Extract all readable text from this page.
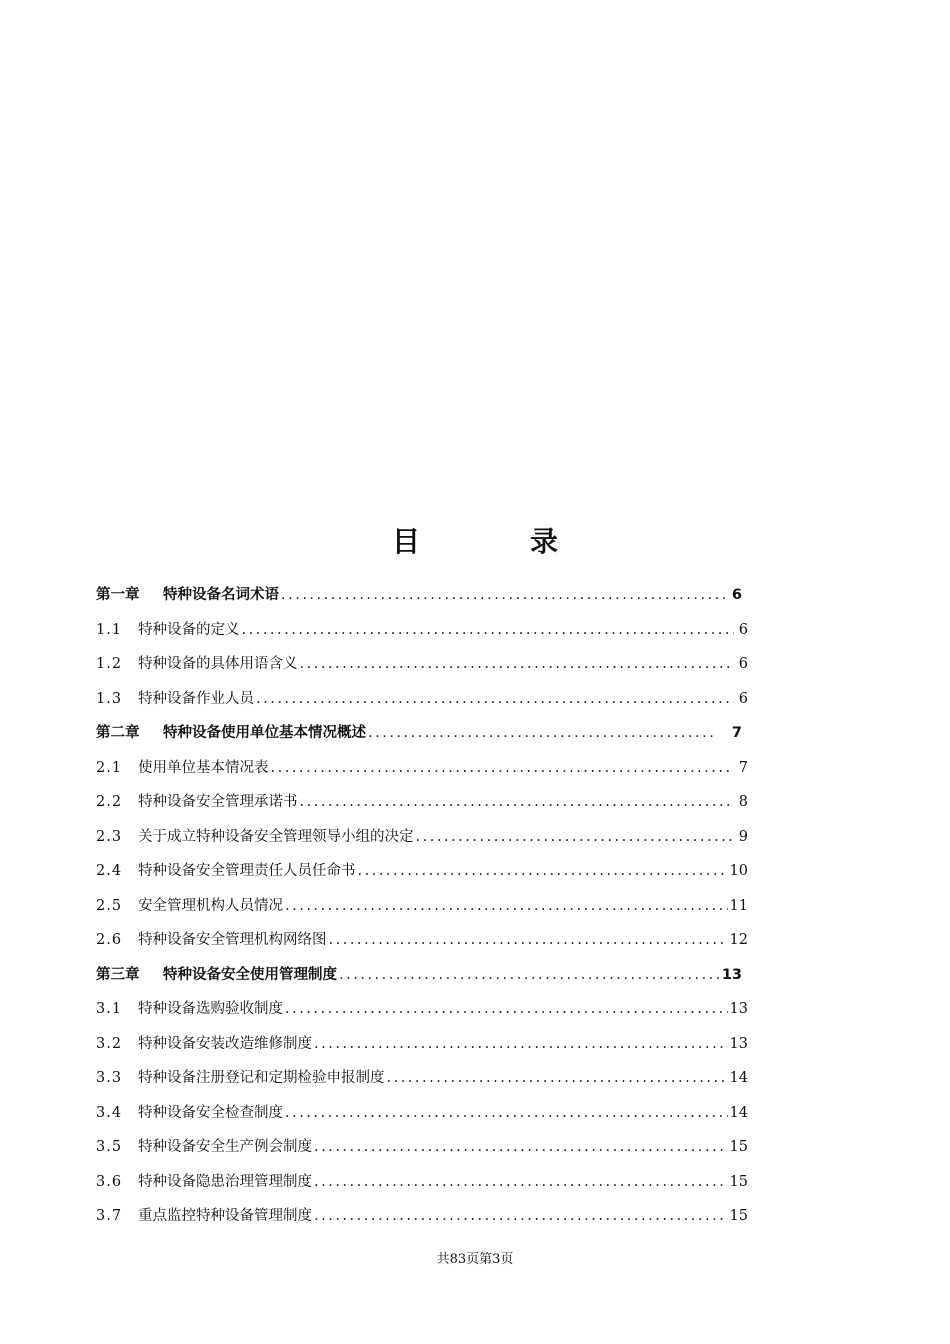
目	录
第一章	特种设备名词术语 .....	6
1.1	特种设备的定义 .....	6
1.2	特种设备的具体用语含义 .....	6
1.3	特种设备作业人员 .....	6
第二章	特种设备使用单位基本情况概述 .....	7
2.1	使用单位基本情况表 .....	7
2.2	特种设备安全管理承诺书 .....	8
2.3	关于成立特种设备安全管理领导小组的决定 .....	9
2.4	特种设备安全管理责任人员任命书 .....	10
2.5	安全管理机构人员情况 .....	11
2.6	特种设备安全管理机构网络图 .....	12
第三章	特种设备安全使用管理制度 .....	13
3.1	特种设备选购验收制度 .....	13
3.2	特种设备安装改造维修制度 .....	13
3.3	特种设备注册登记和定期检验申报制度 .....	14
3.4	特种设备安全检查制度 .....	14
3.5	特种设备安全生产例会制度 .....	15
3.6	特种设备隐患治理管理制度 .....	15
3.7	重点监控特种设备管理制度 .....	15
共83页第3页
